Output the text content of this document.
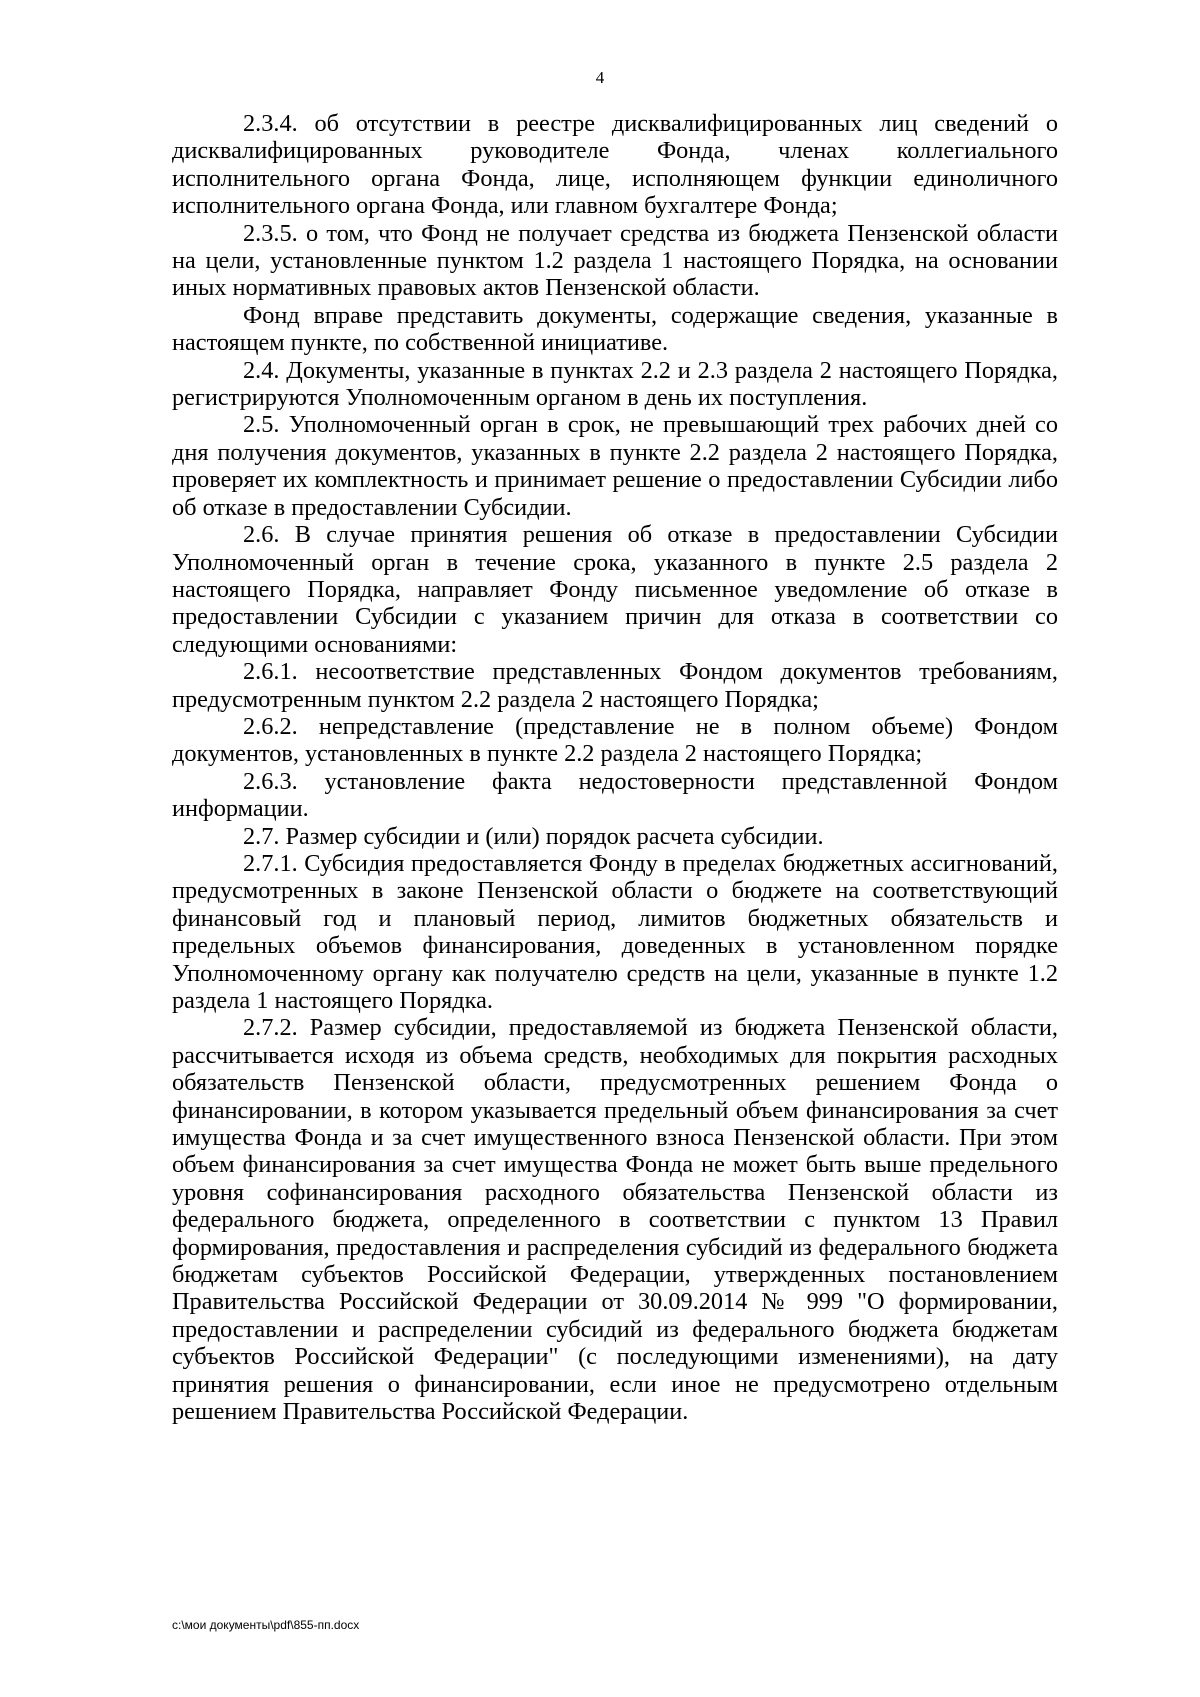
4

2.3.4. об отсутствии в реестре дисквалифицированных лиц сведений о дисквалифицированных руководителе Фонда, членах коллегиального исполнительного органа Фонда, лице, исполняющем функции единоличного исполнительного органа Фонда, или главном бухгалтере Фонда;

2.3.5. о том, что Фонд не получает средства из бюджета Пензенской области на цели, установленные пунктом 1.2 раздела 1 настоящего Порядка, на основании иных нормативных правовых актов Пензенской области.

Фонд вправе представить документы, содержащие сведения, указанные в настоящем пункте, по собственной инициативе.

2.4. Документы, указанные в пунктах 2.2 и 2.3 раздела 2 настоящего Порядка, регистрируются Уполномоченным органом в день их поступления.

2.5. Уполномоченный орган в срок, не превышающий трех рабочих дней со дня получения документов, указанных в пункте 2.2 раздела 2 настоящего Порядка, проверяет их комплектность и принимает решение о предоставлении Субсидии либо об отказе в предоставлении Субсидии.

2.6. В случае принятия решения об отказе в предоставлении Субсидии Уполномоченный орган в течение срока, указанного в пункте 2.5 раздела 2 настоящего Порядка, направляет Фонду письменное уведомление об отказе в предоставлении Субсидии с указанием причин для отказа в соответствии со следующими основаниями:

2.6.1. несоответствие представленных Фондом документов требованиям, предусмотренным пунктом 2.2 раздела 2 настоящего Порядка;

2.6.2. непредставление (представление не в полном объеме) Фондом документов, установленных в пункте 2.2 раздела 2 настоящего Порядка;

2.6.3. установление факта недостоверности представленной Фондом информации.

2.7. Размер субсидии и (или) порядок расчета субсидии.

2.7.1. Субсидия предоставляется Фонду в пределах бюджетных ассигнований, предусмотренных в законе Пензенской области о бюджете на соответствующий финансовый год и плановый период, лимитов бюджетных обязательств и предельных объемов финансирования, доведенных в установленном порядке Уполномоченному органу как получателю средств на цели, указанные в пункте 1.2 раздела 1 настоящего Порядка.

2.7.2. Размер субсидии, предоставляемой из бюджета Пензенской области, рассчитывается исходя из объема средств, необходимых для покрытия расходных обязательств Пензенской области, предусмотренных решением Фонда о финансировании, в котором указывается предельный объем финансирования за счет имущества Фонда и за счет имущественного взноса Пензенской области. При этом объем финансирования за счет имущества Фонда не может быть выше предельного уровня софинансирования расходного обязательства Пензенской области из федерального бюджета, определенного в соответствии с пунктом 13 Правил формирования, предоставления и распределения субсидий из федерального бюджета бюджетам субъектов Российской Федерации, утвержденных постановлением Правительства Российской Федерации от 30.09.2014 № 999 "О формировании, предоставлении и распределении субсидий из федерального бюджета бюджетам субъектов Российской Федерации" (с последующими изменениями), на дату принятия решения о финансировании, если иное не предусмотрено отдельным решением Правительства Российской Федерации.

c:\мои документы\pdf\855-пп.docx
